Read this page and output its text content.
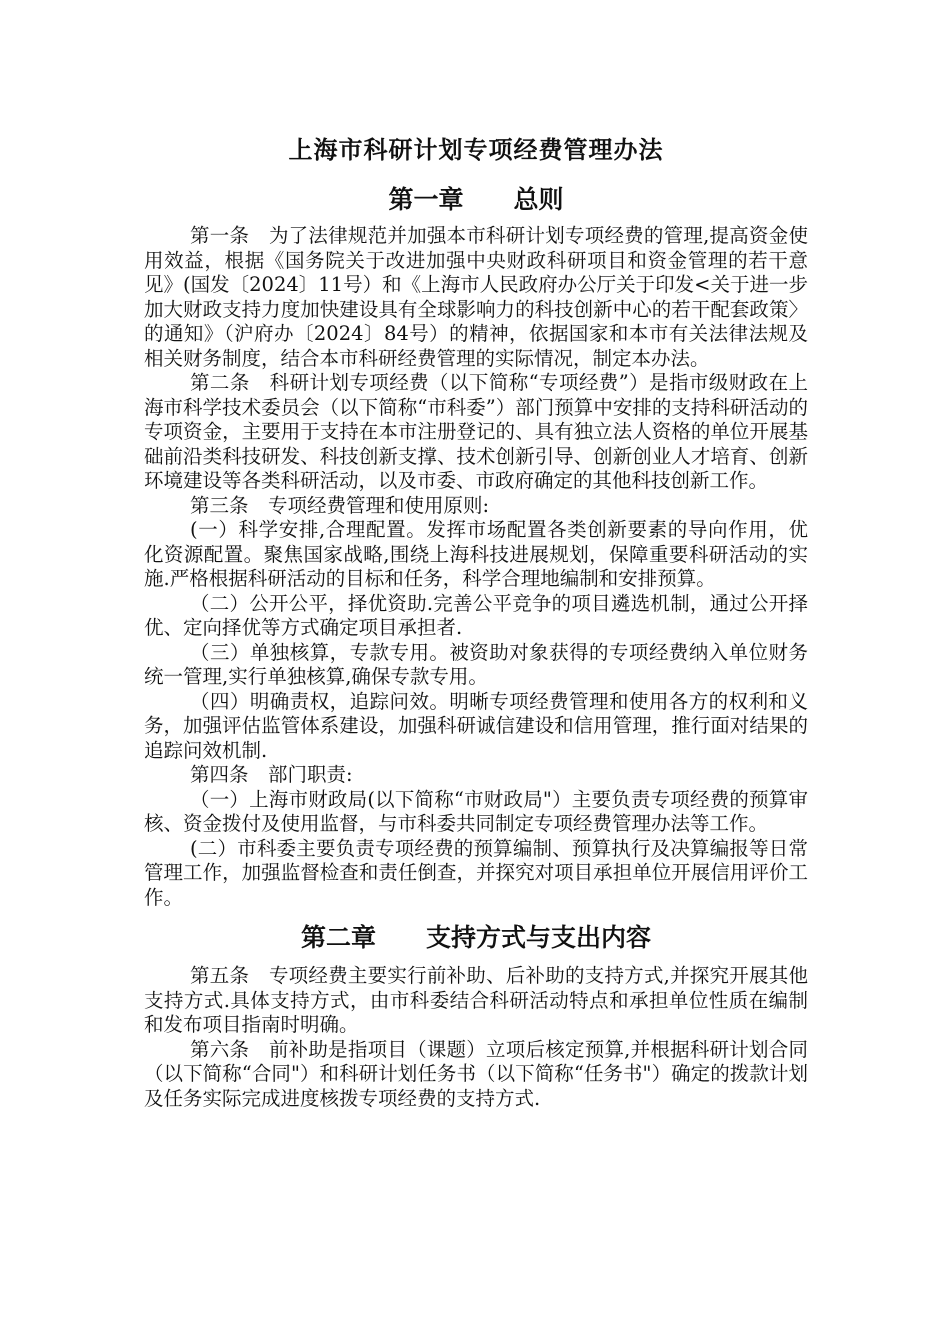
上海市科研计划专项经费管理办法
第一章　　总则

第一条　为了法律规范并加强本市科研计划专项经费的管理,提高资金使用效益，根据《国务院关于改进加强中央财政科研项目和资金管理的若干意见》(国发〔2024〕11号）和《上海市人民政府办公厅关于印发<关于进一步加大财政支持力度加快建设具有全球影响力的科技创新中心的若干配套政策〉的通知》（沪府办〔2024〕84号）的精神，依据国家和本市有关法律法规及相关财务制度，结合本市科研经费管理的实际情况，制定本办法。

第二条　科研计划专项经费（以下简称“专项经费”）是指市级财政在上海市科学技术委员会（以下简称“市科委”）部门预算中安排的支持科研活动的专项资金，主要用于支持在本市注册登记的、具有独立法人资格的单位开展基础前沿类科技研发、科技创新支撑、技术创新引导、创新创业人才培育、创新环境建设等各类科研活动，以及市委、市政府确定的其他科技创新工作。

第三条　专项经费管理和使用原则:

(一）科学安排,合理配置。发挥市场配置各类创新要素的导向作用，优化资源配置。聚焦国家战略,围绕上海科技进展规划，保障重要科研活动的实施.严格根据科研活动的目标和任务，科学合理地编制和安排预算。

（二）公开公平，择优资助.完善公平竞争的项目遴选机制，通过公开择优、定向择优等方式确定项目承担者.

（三）单独核算，专款专用。被资助对象获得的专项经费纳入单位财务统一管理,实行单独核算,确保专款专用。

（四）明确责权，追踪问效。明晰专项经费管理和使用各方的权利和义务，加强评估监管体系建设，加强科研诚信建设和信用管理，推行面对结果的追踪问效机制.

第四条　部门职责:

（一）上海市财政局(以下简称“市财政局"）主要负责专项经费的预算审核、资金拨付及使用监督，与市科委共同制定专项经费管理办法等工作。

(二）市科委主要负责专项经费的预算编制、预算执行及决算编报等日常管理工作，加强监督检查和责任倒查，并探究对项目承担单位开展信用评价工作。

第二章　　支持方式与支出内容

第五条　专项经费主要实行前补助、后补助的支持方式,并探究开展其他支持方式.具体支持方式，由市科委结合科研活动特点和承担单位性质在编制和发布项目指南时明确。

第六条　前补助是指项目（课题）立项后核定预算,并根据科研计划合同（以下简称“合同"）和科研计划任务书（以下简称“任务书"）确定的拨款计划及任务实际完成进度核拨专项经费的支持方式.
